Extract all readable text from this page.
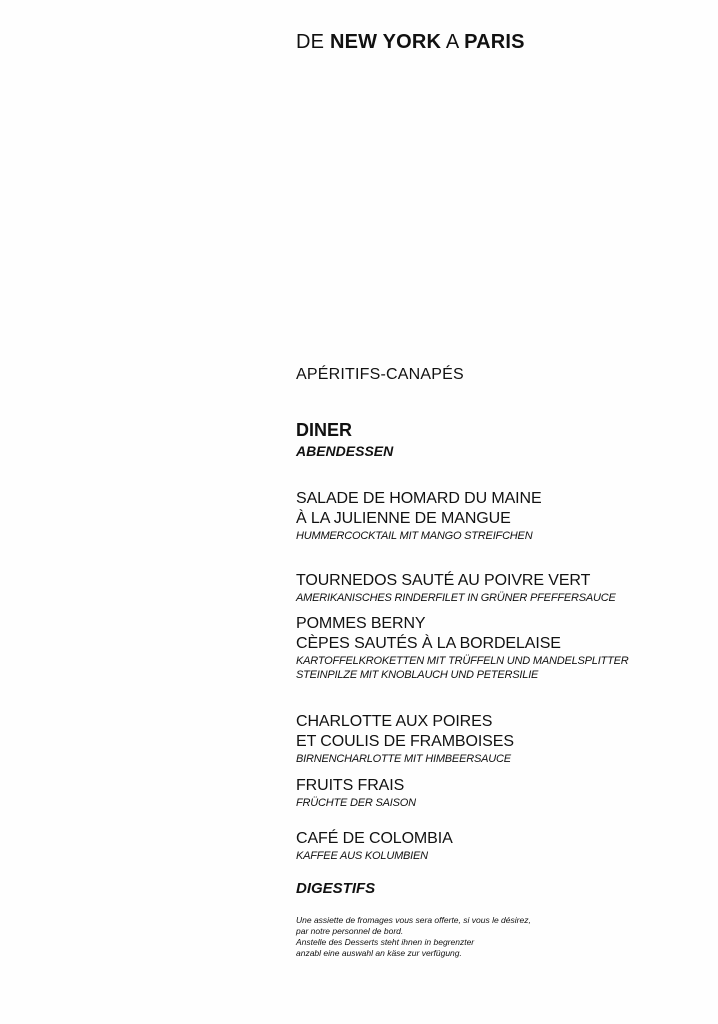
DE NEW YORK A PARIS
APÉRITIFS-CANAPÉS
DINER
ABENDESSEN
SALADE DE HOMARD DU MAINE
À LA JULIENNE DE MANGUE
HUMMERCOCKTAIL MIT MANGO STREIFCHEN
TOURNEDOS SAUTÉ AU POIVRE VERT
AMERIKANISCHES RINDERFILET IN GRÜNER PFEFFERSAUCE
POMMES BERNY
CÈPES SAUTÉS À LA BORDELAISE
KARTOFFELKROKETTEN MIT TRÜFFELN UND MANDELSPLITTER
STEINPILZE MIT KNOBLAUCH UND PETERSILIE
CHARLOTTE AUX POIRES
ET COULIS DE FRAMBOISES
BIRNENCHARLOTTE MIT HIMBEERSAUCE
FRUITS FRAIS
FRÜCHTE DER SAISON
CAFÉ DE COLOMBIA
KAFFEE AUS KOLUMBIEN
DIGESTIFS
Une assiette de fromages vous sera offerte, si vous le désirez,
par notre personnel de bord.
Anstelle des Desserts steht ihnen in begrenzter
anzabl eine auswahl an käse zur verfügung.
